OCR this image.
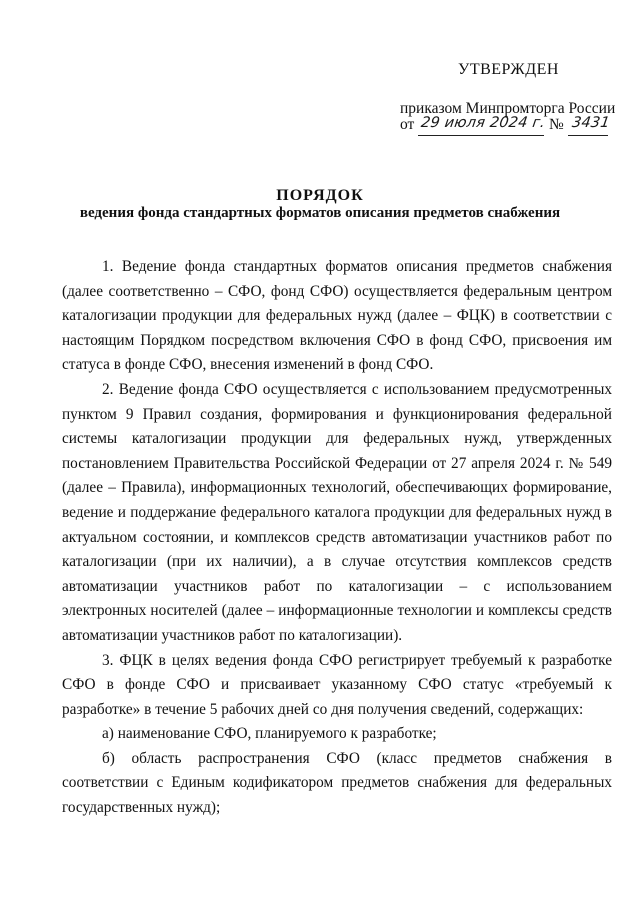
УТВЕРЖДЕН
приказом Минпромторга России
от 29 июля 2024 г. № 3431
ПОРЯДОК
ведения фонда стандартных форматов описания предметов снабжения

1. Ведение фонда стандартных форматов описания предметов снабжения (далее соответственно – СФО, фонд СФО) осуществляется федеральным центром каталогизации продукции для федеральных нужд (далее – ФЦК) в соответствии с настоящим Порядком посредством включения СФО в фонд СФО, присвоения им статуса в фонде СФО, внесения изменений в фонд СФО.

2. Ведение фонда СФО осуществляется с использованием предусмотренных пунктом 9 Правил создания, формирования и функционирования федеральной системы каталогизации продукции для федеральных нужд, утвержденных постановлением Правительства Российской Федерации от 27 апреля 2024 г. № 549 (далее – Правила), информационных технологий, обеспечивающих формирование, ведение и поддержание федерального каталога продукции для федеральных нужд в актуальном состоянии, и комплексов средств автоматизации участников работ по каталогизации (при их наличии), а в случае отсутствия комплексов средств автоматизации участников работ по каталогизации – с использованием электронных носителей (далее – информационные технологии и комплексы средств автоматизации участников работ по каталогизации).

3. ФЦК в целях ведения фонда СФО регистрирует требуемый к разработке СФО в фонде СФО и присваивает указанному СФО статус «требуемый к разработке» в течение 5 рабочих дней со дня получения сведений, содержащих:

а) наименование СФО, планируемого к разработке;

б) область распространения СФО (класс предметов снабжения в соответствии с Единым кодификатором предметов снабжения для федеральных государственных нужд);
